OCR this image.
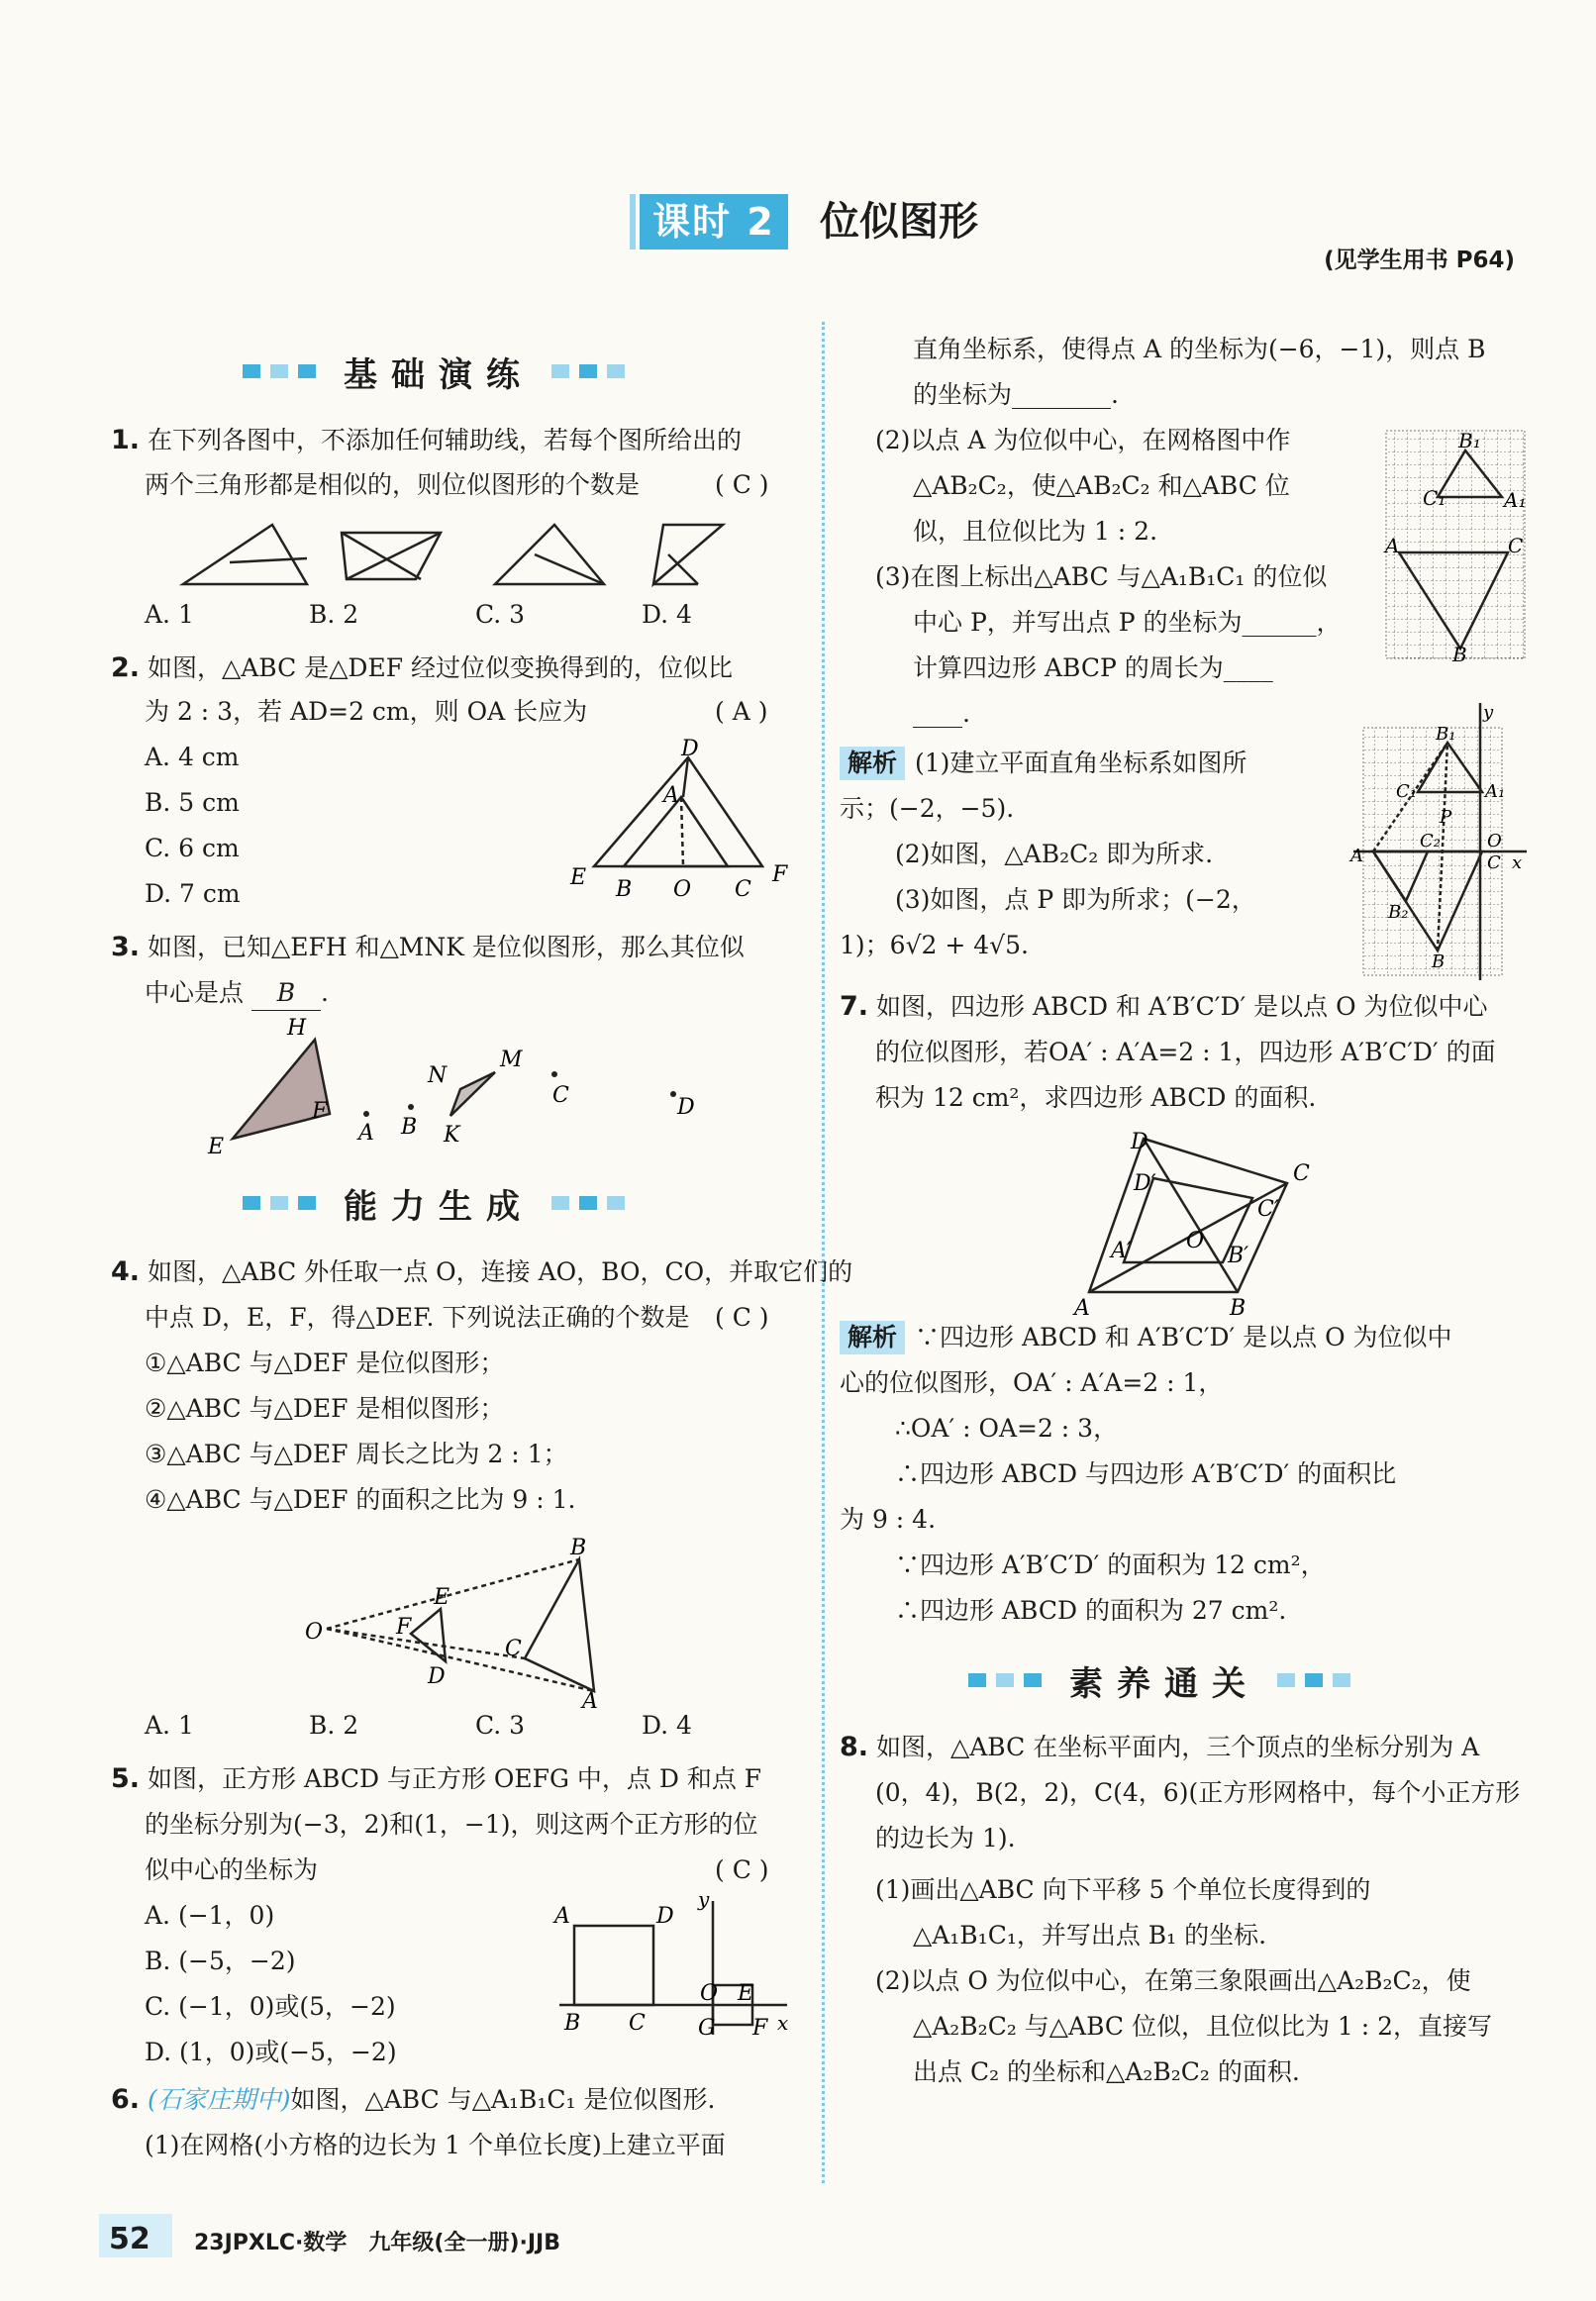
课时 2	位似图形
(见学生用书 P64)
基础演练
1. 在下列各图中，不添加任何辅助线，若每个图所给出的
两个三角形都是相似的，则位似图形的个数是	( C )
A. 1	B. 2	C. 3	D. 4
2. 如图，△ABC 是△DEF 经过位似变换得到的，位似比
为 2 : 3，若 AD=2 cm，则 OA 长应为	( A )
A. 4 cm
B. 5 cm
C. 6 cm
D. 7 cm
D
A
E B O C
F
3. 如图，已知△EFH 和△MNK 是位似图形，那么其位似
中心是点 B .
H
E
F
A B
N
M
K
C	D
能力生成
4. 如图，△ABC 外任取一点 O，连接 AO，BO，CO，并取它们的
中点 D，E，F，得△DEF. 下列说法正确的个数是 ( C )
①△ABC 与△DEF 是位似图形；
②△ABC 与△DEF 是相似图形；
③△ABC 与△DEF 周长之比为 2 : 1；
④△ABC 与△DEF 的面积之比为 9 : 1.
B
E
O	F
C
D
A
A. 1	B. 2	C. 3	D. 4
5. 如图，正方形 ABCD 与正方形 OEFG 中，点 D 和点 F
的坐标分别为(−3，2)和(1，−1)，则这两个正方形的位
似中心的坐标为	( C )
A. (−1，0)
B. (−5，−2)
C. (−1，0)或(5，−2)
D. (1，0)或(−5，−2)
A	D
y
O E
B C	x
G F
6. (石家庄期中)如图，△ABC 与△A₁B₁C₁ 是位似图形.
(1)在网格(小方格的边长为 1 个单位长度)上建立平面
直角坐标系，使得点 A 的坐标为(−6，−1)，则点 B
的坐标为________.
(2)以点 A 为位似中心，在网格图中作
△AB₂C₂，使△AB₂C₂ 和△ABC 位
似，且位似比为 1 : 2.
(3)在图上标出△ABC 与△A₁B₁C₁ 的位似
中心 P，并写出点 P 的坐标为______，
计算四边形 ABCP 的周长为____
____.
B₁
C₁	A₁
A	C
B
解析 (1)建立平面直角坐标系如图所
示；(−2，−5).
(2)如图，△AB₂C₂ 即为所求.
(3)如图，点 P 即为所求；(−2，
1)；6√2 + 4√5.
y
B₁
C₁
P
A₁
O
A
C₂
C x
B₂
B
7. 如图，四边形 ABCD 和 A′B′C′D′ 是以点 O 为位似中心
的位似图形，若OA′ : A′A=2 : 1，四边形 A′B′C′D′ 的面
积为 12 cm²，求四边形 ABCD 的面积.
D
D′	C
C′
A′	O
B′
A	B
解析 ∵四边形 ABCD 和 A′B′C′D′ 是以点 O 为位似中
心的位似图形，OA′ : A′A=2 : 1，
∴OA′ : OA=2 : 3，
∴四边形 ABCD 与四边形 A′B′C′D′ 的面积比
为 9 : 4.
∵四边形 A′B′C′D′ 的面积为 12 cm²，
∴四边形 ABCD 的面积为 27 cm².
素养通关
8. 如图，△ABC 在坐标平面内，三个顶点的坐标分别为 A
(0，4)，B(2，2)，C(4，6)(正方形网格中，每个小正方形
的边长为 1).
(1)画出△ABC 向下平移 5 个单位长度得到的
△A₁B₁C₁，并写出点 B₁ 的坐标.
(2)以点 O 为位似中心，在第三象限画出△A₂B₂C₂，使
△A₂B₂C₂ 与△ABC 位似，且位似比为 1 : 2，直接写
出点 C₂ 的坐标和△A₂B₂C₂ 的面积.
52 23JPXLC·数学　九年级(全一册)·JJB
